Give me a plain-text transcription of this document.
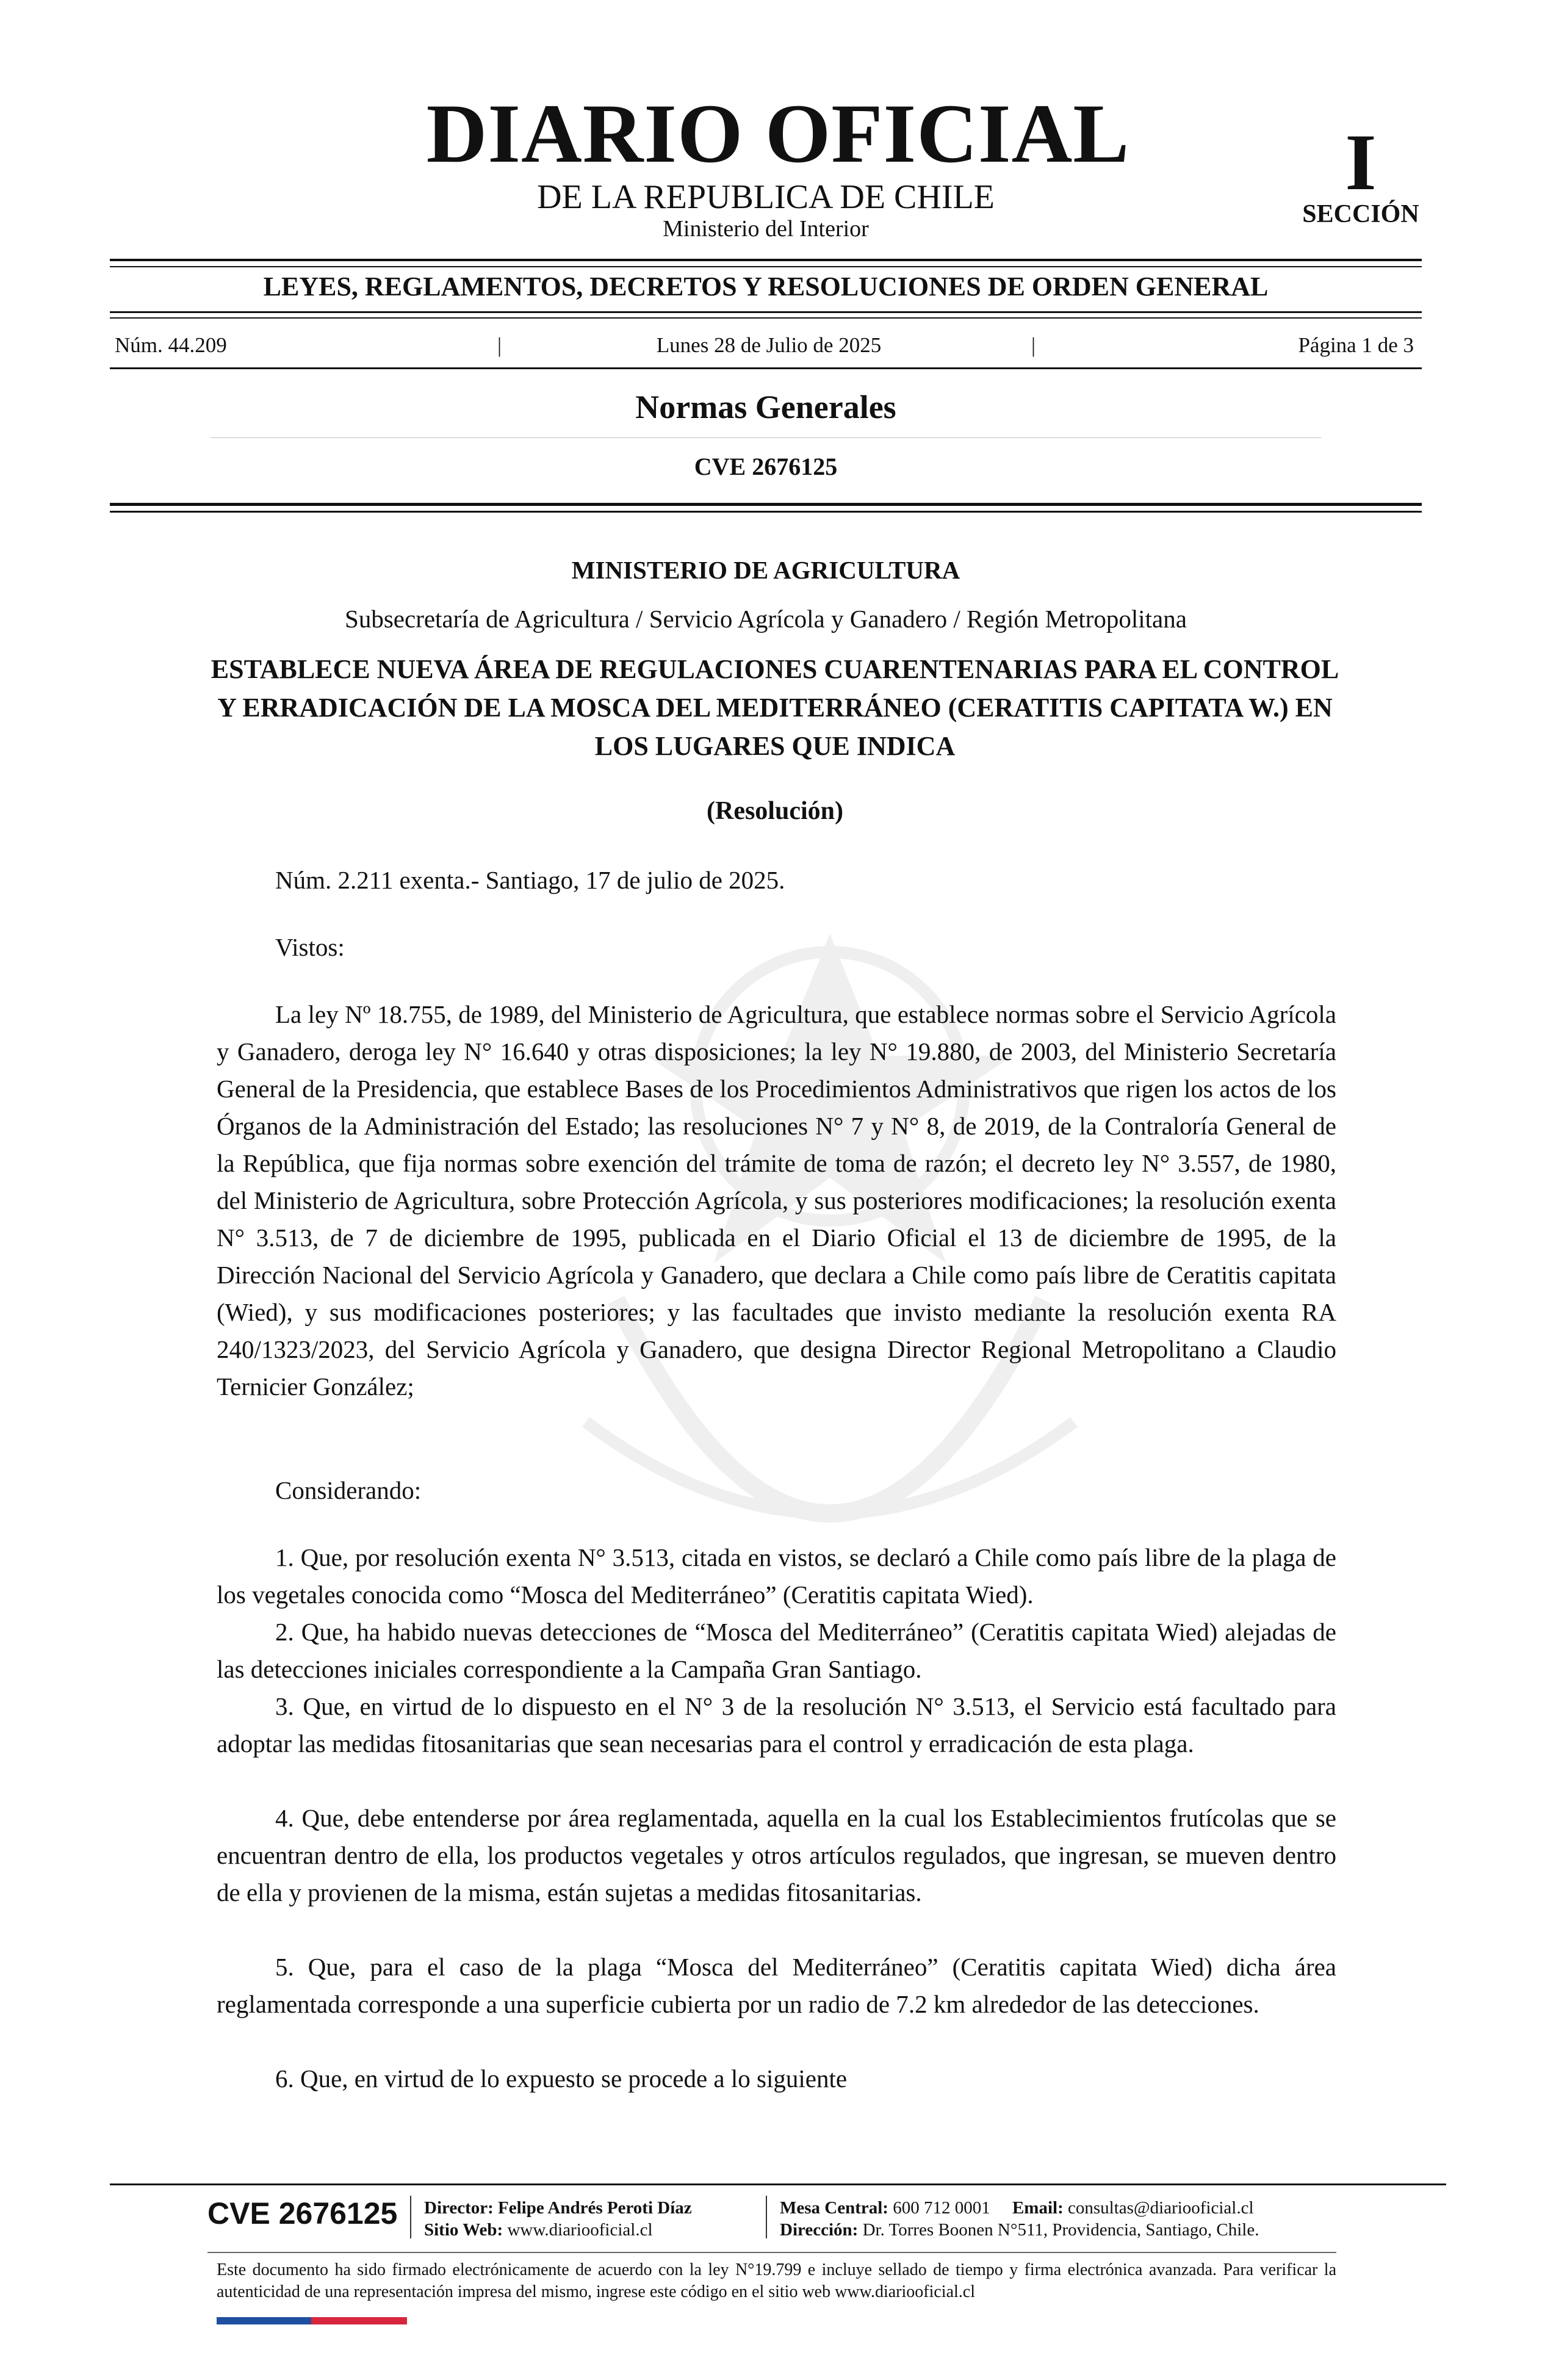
DIARIO OFICIAL
DE LA REPUBLICA DE CHILE
Ministerio del Interior
I
SECCIÓN
LEYES, REGLAMENTOS, DECRETOS Y RESOLUCIONES DE ORDEN GENERAL
Núm. 44.209	|	Lunes 28 de Julio de 2025	|	Página 1 de 3
Normas Generales
CVE 2676125
MINISTERIO DE AGRICULTURA
Subsecretaría de Agricultura / Servicio Agrícola y Ganadero / Región Metropolitana
ESTABLECE NUEVA ÁREA DE REGULACIONES CUARENTENARIAS PARA EL CONTROL Y ERRADICACIÓN DE LA MOSCA DEL MEDITERRÁNEO (CERATITIS CAPITATA W.) EN LOS LUGARES QUE INDICA
(Resolución)
Núm. 2.211 exenta.- Santiago, 17 de julio de 2025.
Vistos:
La ley Nº 18.755, de 1989, del Ministerio de Agricultura, que establece normas sobre el Servicio Agrícola y Ganadero, deroga ley N° 16.640 y otras disposiciones; la ley N° 19.880, de 2003, del Ministerio Secretaría General de la Presidencia, que establece Bases de los Procedimientos Administrativos que rigen los actos de los Órganos de la Administración del Estado; las resoluciones N° 7 y N° 8, de 2019, de la Contraloría General de la República, que fija normas sobre exención del trámite de toma de razón; el decreto ley N° 3.557, de 1980, del Ministerio de Agricultura, sobre Protección Agrícola, y sus posteriores modificaciones; la resolución exenta N° 3.513, de 7 de diciembre de 1995, publicada en el Diario Oficial el 13 de diciembre de 1995, de la Dirección Nacional del Servicio Agrícola y Ganadero, que declara a Chile como país libre de Ceratitis capitata (Wied), y sus modificaciones posteriores; y las facultades que invisto mediante la resolución exenta RA 240/1323/2023, del Servicio Agrícola y Ganadero, que designa Director Regional Metropolitano a Claudio Ternicier González;
Considerando:
1. Que, por resolución exenta N° 3.513, citada en vistos, se declaró a Chile como país libre de la plaga de los vegetales conocida como “Mosca del Mediterráneo” (Ceratitis capitata Wied).
2. Que, ha habido nuevas detecciones de “Mosca del Mediterráneo” (Ceratitis capitata Wied) alejadas de las detecciones iniciales correspondiente a la Campaña Gran Santiago.
3. Que, en virtud de lo dispuesto en el N° 3 de la resolución N° 3.513, el Servicio está facultado para adoptar las medidas fitosanitarias que sean necesarias para el control y erradicación de esta plaga.
4. Que, debe entenderse por área reglamentada, aquella en la cual los Establecimientos frutícolas que se encuentran dentro de ella, los productos vegetales y otros artículos regulados, que ingresan, se mueven dentro de ella y provienen de la misma, están sujetas a medidas fitosanitarias.
5. Que, para el caso de la plaga “Mosca del Mediterráneo” (Ceratitis capitata Wied) dicha área reglamentada corresponde a una superficie cubierta por un radio de 7.2 km alrededor de las detecciones.
6. Que, en virtud de lo expuesto se procede a lo siguiente
CVE 2676125 Director: Felipe Andrés Peroti Díaz
Sitio Web: www.diariooficial.cl
Mesa Central: 600 712 0001 Email: consultas@diariooficial.cl
Dirección: Dr. Torres Boonen N°511, Providencia, Santiago, Chile.
Este documento ha sido firmado electrónicamente de acuerdo con la ley N°19.799 e incluye sellado de tiempo y firma electrónica avanzada. Para verificar la autenticidad de una representación impresa del mismo, ingrese este código en el sitio web www.diariooficial.cl
